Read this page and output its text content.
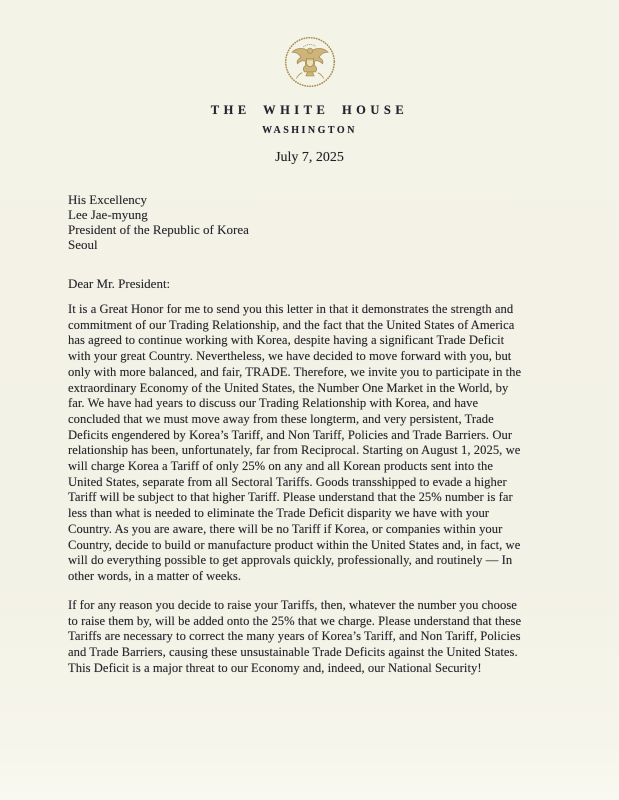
THE WHITE HOUSE
WASHINGTON
July 7, 2025
His Excellency
Lee Jae-myung
President of the Republic of Korea
Seoul
Dear Mr. President:
It is a Great Honor for me to send you this letter in that it demonstrates the strength and
commitment of our Trading Relationship, and the fact that the United States of America
has agreed to continue working with Korea, despite having a significant Trade Deficit
with your great Country. Nevertheless, we have decided to move forward with you, but
only with more balanced, and fair, TRADE. Therefore, we invite you to participate in the
extraordinary Economy of the United States, the Number One Market in the World, by
far. We have had years to discuss our Trading Relationship with Korea, and have
concluded that we must move away from these longterm, and very persistent, Trade
Deficits engendered by Korea’s Tariff, and Non Tariff, Policies and Trade Barriers. Our
relationship has been, unfortunately, far from Reciprocal. Starting on August 1, 2025, we
will charge Korea a Tariff of only 25% on any and all Korean products sent into the
United States, separate from all Sectoral Tariffs. Goods transshipped to evade a higher
Tariff will be subject to that higher Tariff. Please understand that the 25% number is far
less than what is needed to eliminate the Trade Deficit disparity we have with your
Country. As you are aware, there will be no Tariff if Korea, or companies within your
Country, decide to build or manufacture product within the United States and, in fact, we
will do everything possible to get approvals quickly, professionally, and routinely — In
other words, in a matter of weeks.
If for any reason you decide to raise your Tariffs, then, whatever the number you choose
to raise them by, will be added onto the 25% that we charge. Please understand that these
Tariffs are necessary to correct the many years of Korea’s Tariff, and Non Tariff, Policies
and Trade Barriers, causing these unsustainable Trade Deficits against the United States.
This Deficit is a major threat to our Economy and, indeed, our National Security!
